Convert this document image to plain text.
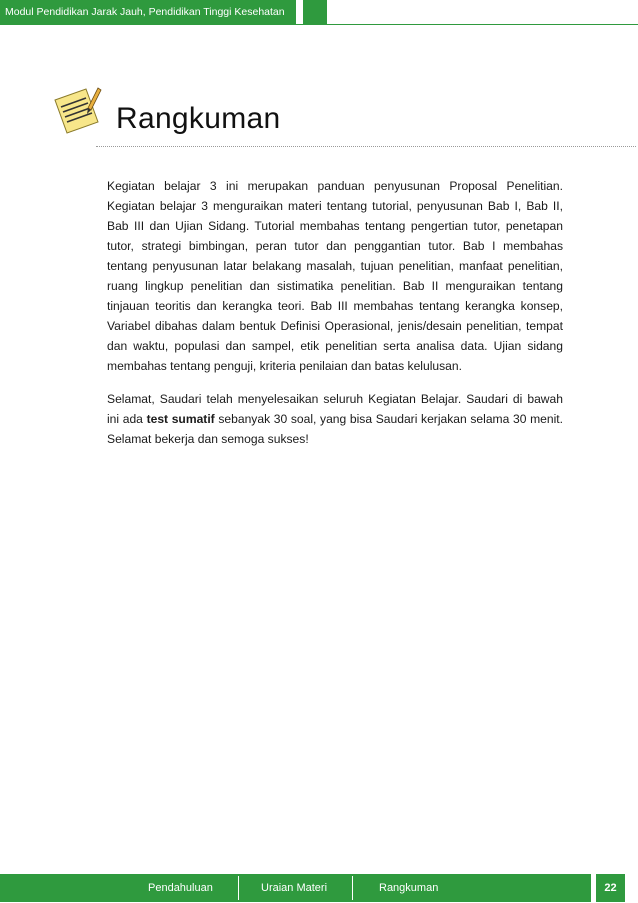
Modul Pendidikan Jarak Jauh, Pendidikan Tinggi Kesehatan
Rangkuman

Kegiatan belajar 3 ini merupakan panduan penyusunan Proposal Penelitian. Kegiatan belajar 3 menguraikan materi tentang tutorial, penyusunan Bab I, Bab II, Bab III dan Ujian Sidang. Tutorial membahas tentang pengertian tutor, penetapan tutor, strategi bimbingan, peran tutor dan penggantian tutor. Bab I membahas tentang penyusunan latar belakang masalah, tujuan penelitian, manfaat penelitian, ruang lingkup penelitian dan sistimatika penelitian. Bab II menguraikan tentang tinjauan teoritis dan kerangka teori. Bab III membahas tentang kerangka konsep, Variabel dibahas dalam bentuk Definisi Operasional, jenis/desain penelitian, tempat dan waktu, populasi dan sampel, etik penelitian serta analisa data. Ujian sidang membahas tentang penguji, kriteria penilaian dan batas kelulusan.

Selamat, Saudari telah menyelesaikan seluruh Kegiatan Belajar. Saudari di bawah ini ada test sumatif sebanyak 30 soal, yang bisa Saudari kerjakan selama 30 menit. Selamat bekerja dan semoga sukses!

Pendahuluan	Uraian Materi	Rangkuman	22
